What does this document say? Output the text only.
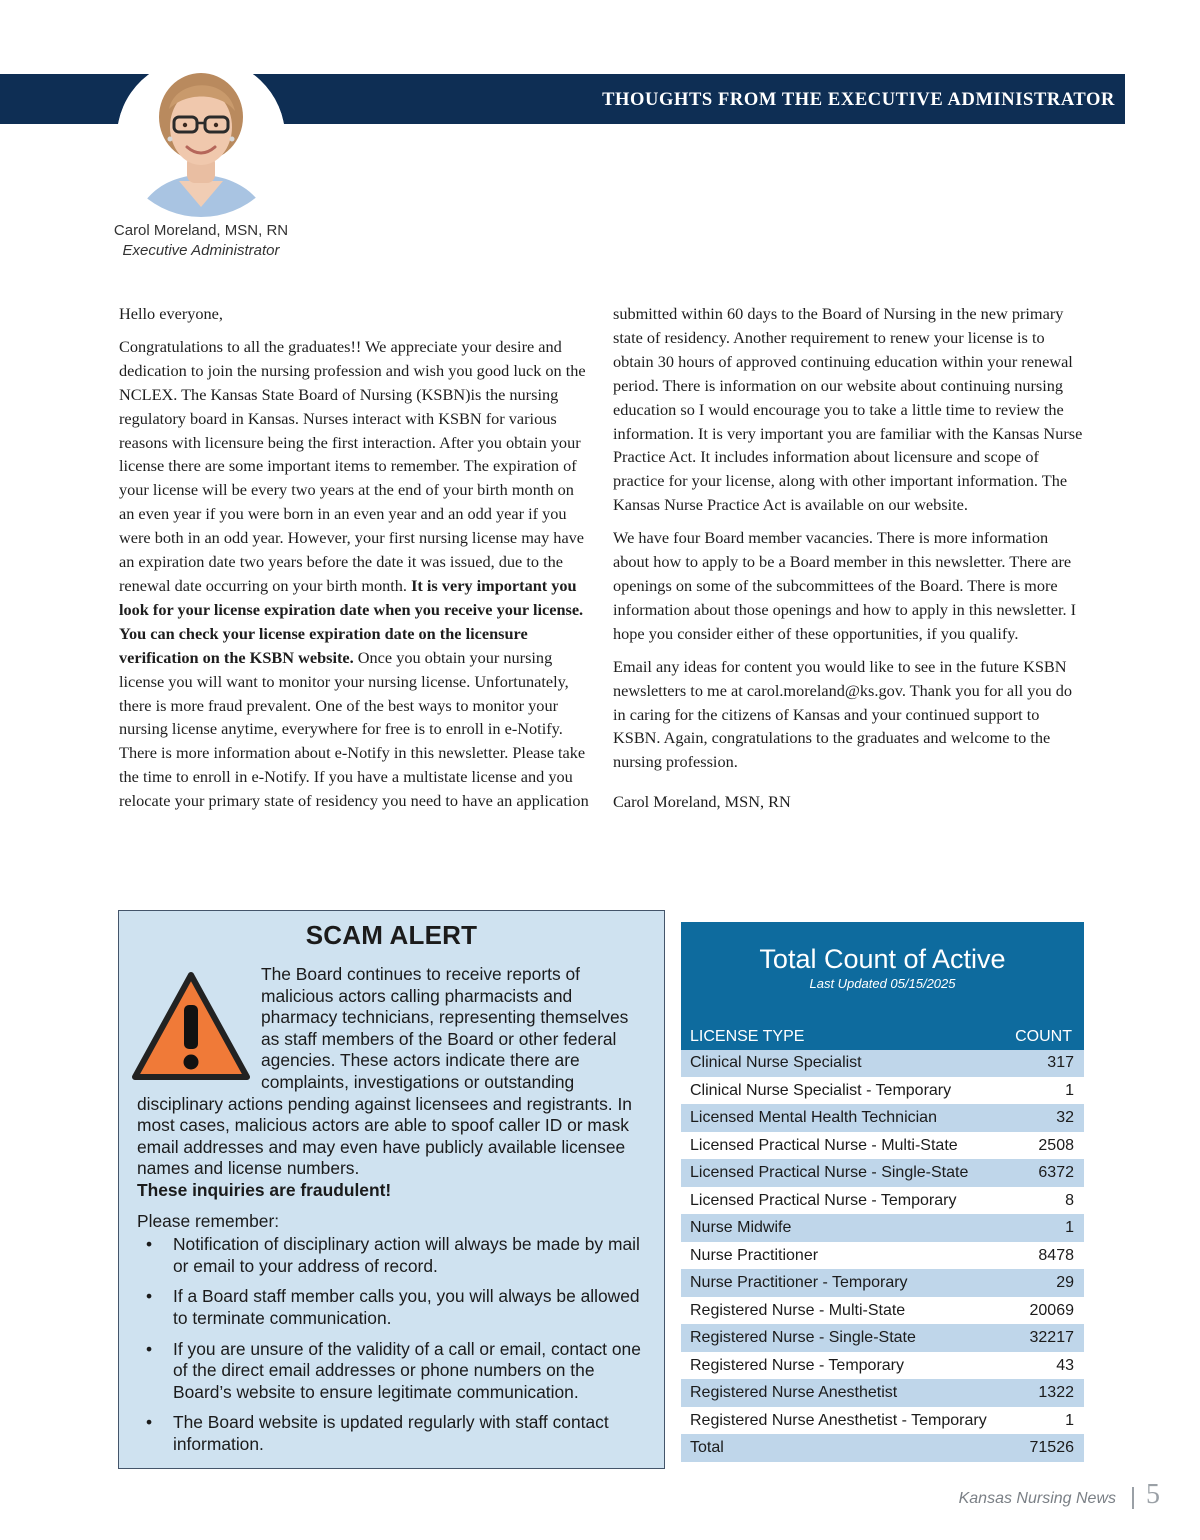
THOUGHTS FROM THE EXECUTIVE ADMINISTRATOR
Carol Moreland, MSN, RN
Executive Administrator

Hello everyone,

Congratulations to all the graduates!! We appreciate your desire and dedication to join the nursing profession and wish you good luck on the NCLEX. The Kansas State Board of Nursing (KSBN)is the nursing regulatory board in Kansas. Nurses interact with KSBN for various reasons with licensure being the first interaction. After you obtain your license there are some important items to remember. The expiration of your license will be every two years at the end of your birth month on an even year if you were born in an even year and an odd year if you were both in an odd year. However, your first nursing license may have an expiration date two years before the date it was issued, due to the renewal date occurring on your birth month. It is very important you look for your license expiration date when you receive your license. You can check your license expiration date on the licensure verification on the KSBN website. Once you obtain your nursing license you will want to monitor your nursing license. Unfortunately, there is more fraud prevalent. One of the best ways to monitor your nursing license anytime, everywhere for free is to enroll in e-Notify. There is more information about e-Notify in this newsletter. Please take the time to enroll in e-Notify. If you have a multistate license and you relocate your primary state of residency you need to have an application

submitted within 60 days to the Board of Nursing in the new primary state of residency. Another requirement to renew your license is to obtain 30 hours of approved continuing education within your renewal period. There is information on our website about continuing nursing education so I would encourage you to take a little time to review the information. It is very important you are familiar with the Kansas Nurse Practice Act. It includes information about licensure and scope of practice for your license, along with other important information. The Kansas Nurse Practice Act is available on our website.

We have four Board member vacancies. There is more information about how to apply to be a Board member in this newsletter. There are openings on some of the subcommittees of the Board. There is more information about those openings and how to apply in this newsletter. I hope you consider either of these opportunities, if you qualify.

Email any ideas for content you would like to see in the future KSBN newsletters to me at carol.moreland@ks.gov. Thank you for all you do in caring for the citizens of Kansas and your continued support to KSBN. Again, congratulations to the graduates and welcome to the nursing profession.

Carol Moreland, MSN, RN

SCAM ALERT

The Board continues to receive reports of malicious actors calling pharmacists and pharmacy technicians, representing themselves as staff members of the Board or other federal agencies. These actors indicate there are complaints, investigations or outstanding disciplinary actions pending against licensees and registrants. In most cases, malicious actors are able to spoof caller ID or mask email addresses and may even have publicly available licensee names and license numbers.

These inquiries are fraudulent!

Please remember:

• Notification of disciplinary action will always be made by mail or email to your address of record.
• If a Board staff member calls you, you will always be allowed to terminate communication.
• If you are unsure of the validity of a call or email, contact one of the direct email addresses or phone numbers on the Board’s website to ensure legitimate communication.
• The Board website is updated regularly with staff contact information.
Total Count of Active
Last Updated 05/15/2025
LICENSE TYPE	COUNT
Clinical Nurse Specialist	317
Clinical Nurse Specialist - Temporary	1
Licensed Mental Health Technician	32
Licensed Practical Nurse - Multi-State	2508
Licensed Practical Nurse - Single-State	6372
Licensed Practical Nurse - Temporary	8
Nurse Midwife	1
Nurse Practitioner	8478
Nurse Practitioner - Temporary	29
Registered Nurse - Multi-State	20069
Registered Nurse - Single-State	32217
Registered Nurse - Temporary	43
Registered Nurse Anesthetist	1322
Registered Nurse Anesthetist - Temporary	1
Total	71526
Kansas Nursing News 5
